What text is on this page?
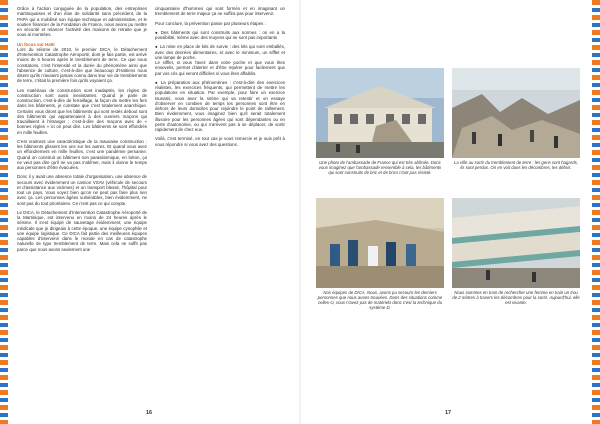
Grâce à l'action conjuguée de la population, des entreprises martiniquaises et d'un élan de solidarité sans précédent, de la PAPA qui a mobilisé son équipe technique et administrative, et le soutien financier de la Fondation de France, nous avons pu mettre en sécurité et relancer l'activité des maisons de retraite que je vous ai montrées.

Un focus sur Haïti

Lors du séisme de 2010, le premier DICA, le Détachement d'Intervention Catastrophe Aéroporté, dont je fais partie, est arrivé moins de 6 heures après le tremblement de terre. Ce que nous constatons, c'est l'intensité et la durée du phénomène ainsi que l'absence de culture, c'est-à-dire que beaucoup d'Haïtiens nous disent qu'ils n'avaient jamais connu dans leur vie de tremblements de terre, c'était la première fois qu'ils voyaient ça.

Les matériaux de construction sont inadaptés, les règles de construction sont aussi inexistantes. Quand je parle de construction, c'est-à-dire de ferraillage, la façon de mettre les fers dans les bâtiments, je constate que c'est totalement anarchique. Certains vous diront que les bâtiments qui sont restés debout sont des bâtiments qui appartenaient à des ouvriers maçons qui travaillaient à l'étranger ; c'est-à-dire des maçons avec de « bonnes règles » ici on peut dire. Les bâtiments se sont effondrés en mille feuilles.

C'est vraiment une caractéristique de la mauvaise construction : les bâtiments glissent les uns sur les autres. Et quand vous avez un effondrement en mille feuilles, c'est une pandémie persanne. Quand on construit un bâtiment non paraséismique, en béton, ça ne veut pas dire qu'il ne va pas s'abîmer, mais il donne le temps aux personnes d'être évacuées.

Donc il y avait une absence totale d'organisation, une absence de secours avec évidemment un camion VSAV (véhicule de secours et d'assistance aux victimes) et un transport blessé, l'hôpital pour tout un pays. Vous voyez bien qu'on ne peut pas faire plus rien avec ça. Les personnes âgées vulnérables, bien évidemment, ne sont pas du tout prioritaires. Ce n'est pas ce qui compte.

Le DICA, le Détachement d'Intervention Catastrophe Aéroporté de la Martinique, est intervenu en moins de 24 heures après le séisme. Il s'est équipé de sauvetage évidemment, une équipe médicale que je dirigeais à cette époque, une équipe cynophile et une équipe logistique. Ce DICA fait partie des meilleures équipes capables d'intervenir dans le monde en cas de catastrophe naturelle de type tremblement de terre. Mais cela ne suffit pas parce que nous avons seulement une

cinquantaine d'hommes qui sont formés et en imaginant un tremblement de terre majeur ça ne suffira pas pour intervenir.

Pour conclure, la prévention passe par plusieurs étapes :

● Des bâtiments qui sont construits aux normes : on en a la possibilité, même avec des moyens qui ne sont pas importants
● La mise en place de kits de survie : des kits qui sont emballés, avec des denrées alimentaires, et avec le minimum, un sifflet et une lampe de poche.
Le sifflet, si vous l'avez dans votre poche et que vous êtes ensevelis, permet d'alerter et d'être repérer pour facilement que par vos cris qui seront difficiles si vous êtes affaiblis.
● La préparation aux phénomènes : c'est-à-dire des exercices réalistes, les exercices fréquents, qui permettent de mettre les populations en situation. Par exemple, pour faire un exercice tsunami, vous avez la sirène qui va retentir et on essaye d'observer en combien de temps les personnes sont être en dehors de leurs domiciles pour rejoindre le point de ralliement. Bien évidemment, vous imaginez bien qu'il serait totalement illusoire pour les personnes âgées qui sont dépendantes ou en perte d'autonomie, ou qui n'arrivent pas à se déplacer, de sortir rapidement de chez eux.

Voilà, c'est terminé, en tout cas je vous remercie et je suis prêt à vous répondre si vous avez des questions.

16
Une photo de l'ambassade de France qui est très abîmée. Donc vous imaginez que l'ambassade ressemble à cela, les bâtiments qui sont construits de bric et de brics n'ont pas résisté.
La ville au sortir du tremblement de terre : les gens sont hagards, ils sont perdus. On en voit dans les décombres, les débris.
Nos équipes de DICA. Nous, avons pu secourir les derniers personnes que nous avons trouvées. Dans des situations comme celles-ci, vous n'avez pas de matériels donc c'est la technique du système D.
Nous sommes en train de rechercher une femme en train un trou de 2 mètres à travers les décombres pour la sortir. Aujourd'hui, elle est vivante.
17
